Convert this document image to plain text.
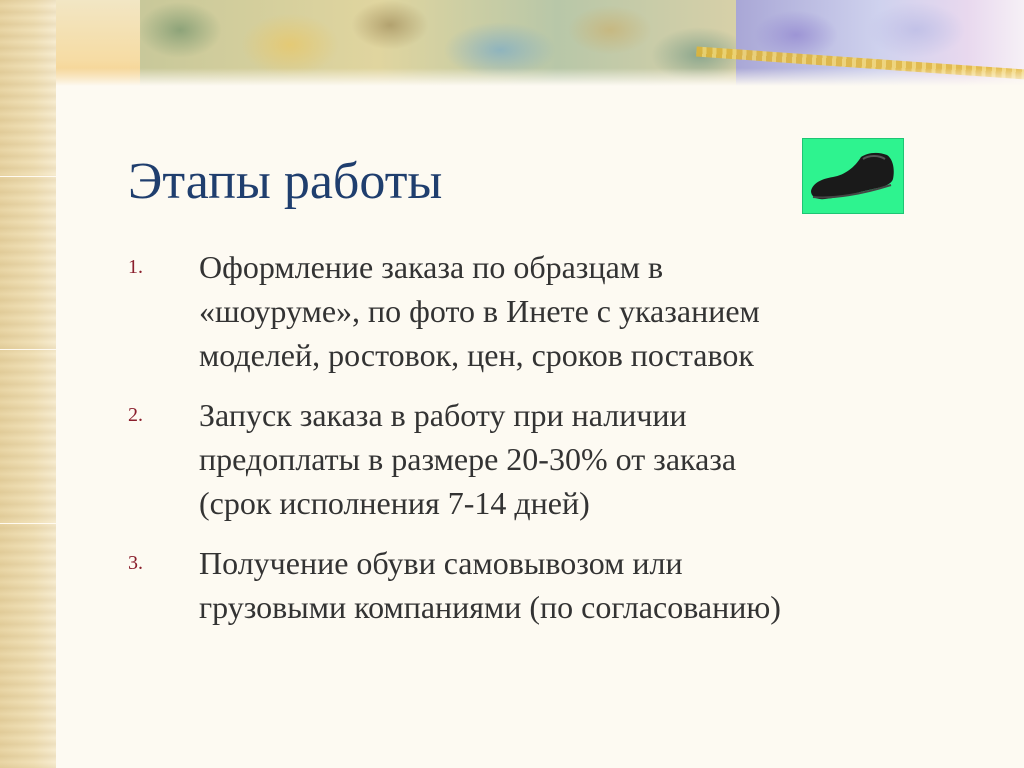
Этапы работы
1. Оформление заказа по образцам в
«шоуруме», по фото в Инете с указанием
моделей, ростовок, цен, сроков поставок
2. Запуск заказа в работу при наличии
предоплаты в размере 20-30% от заказа
(срок исполнения 7-14 дней)
3. Получение обуви самовывозом или
грузовыми компаниями (по согласованию)
